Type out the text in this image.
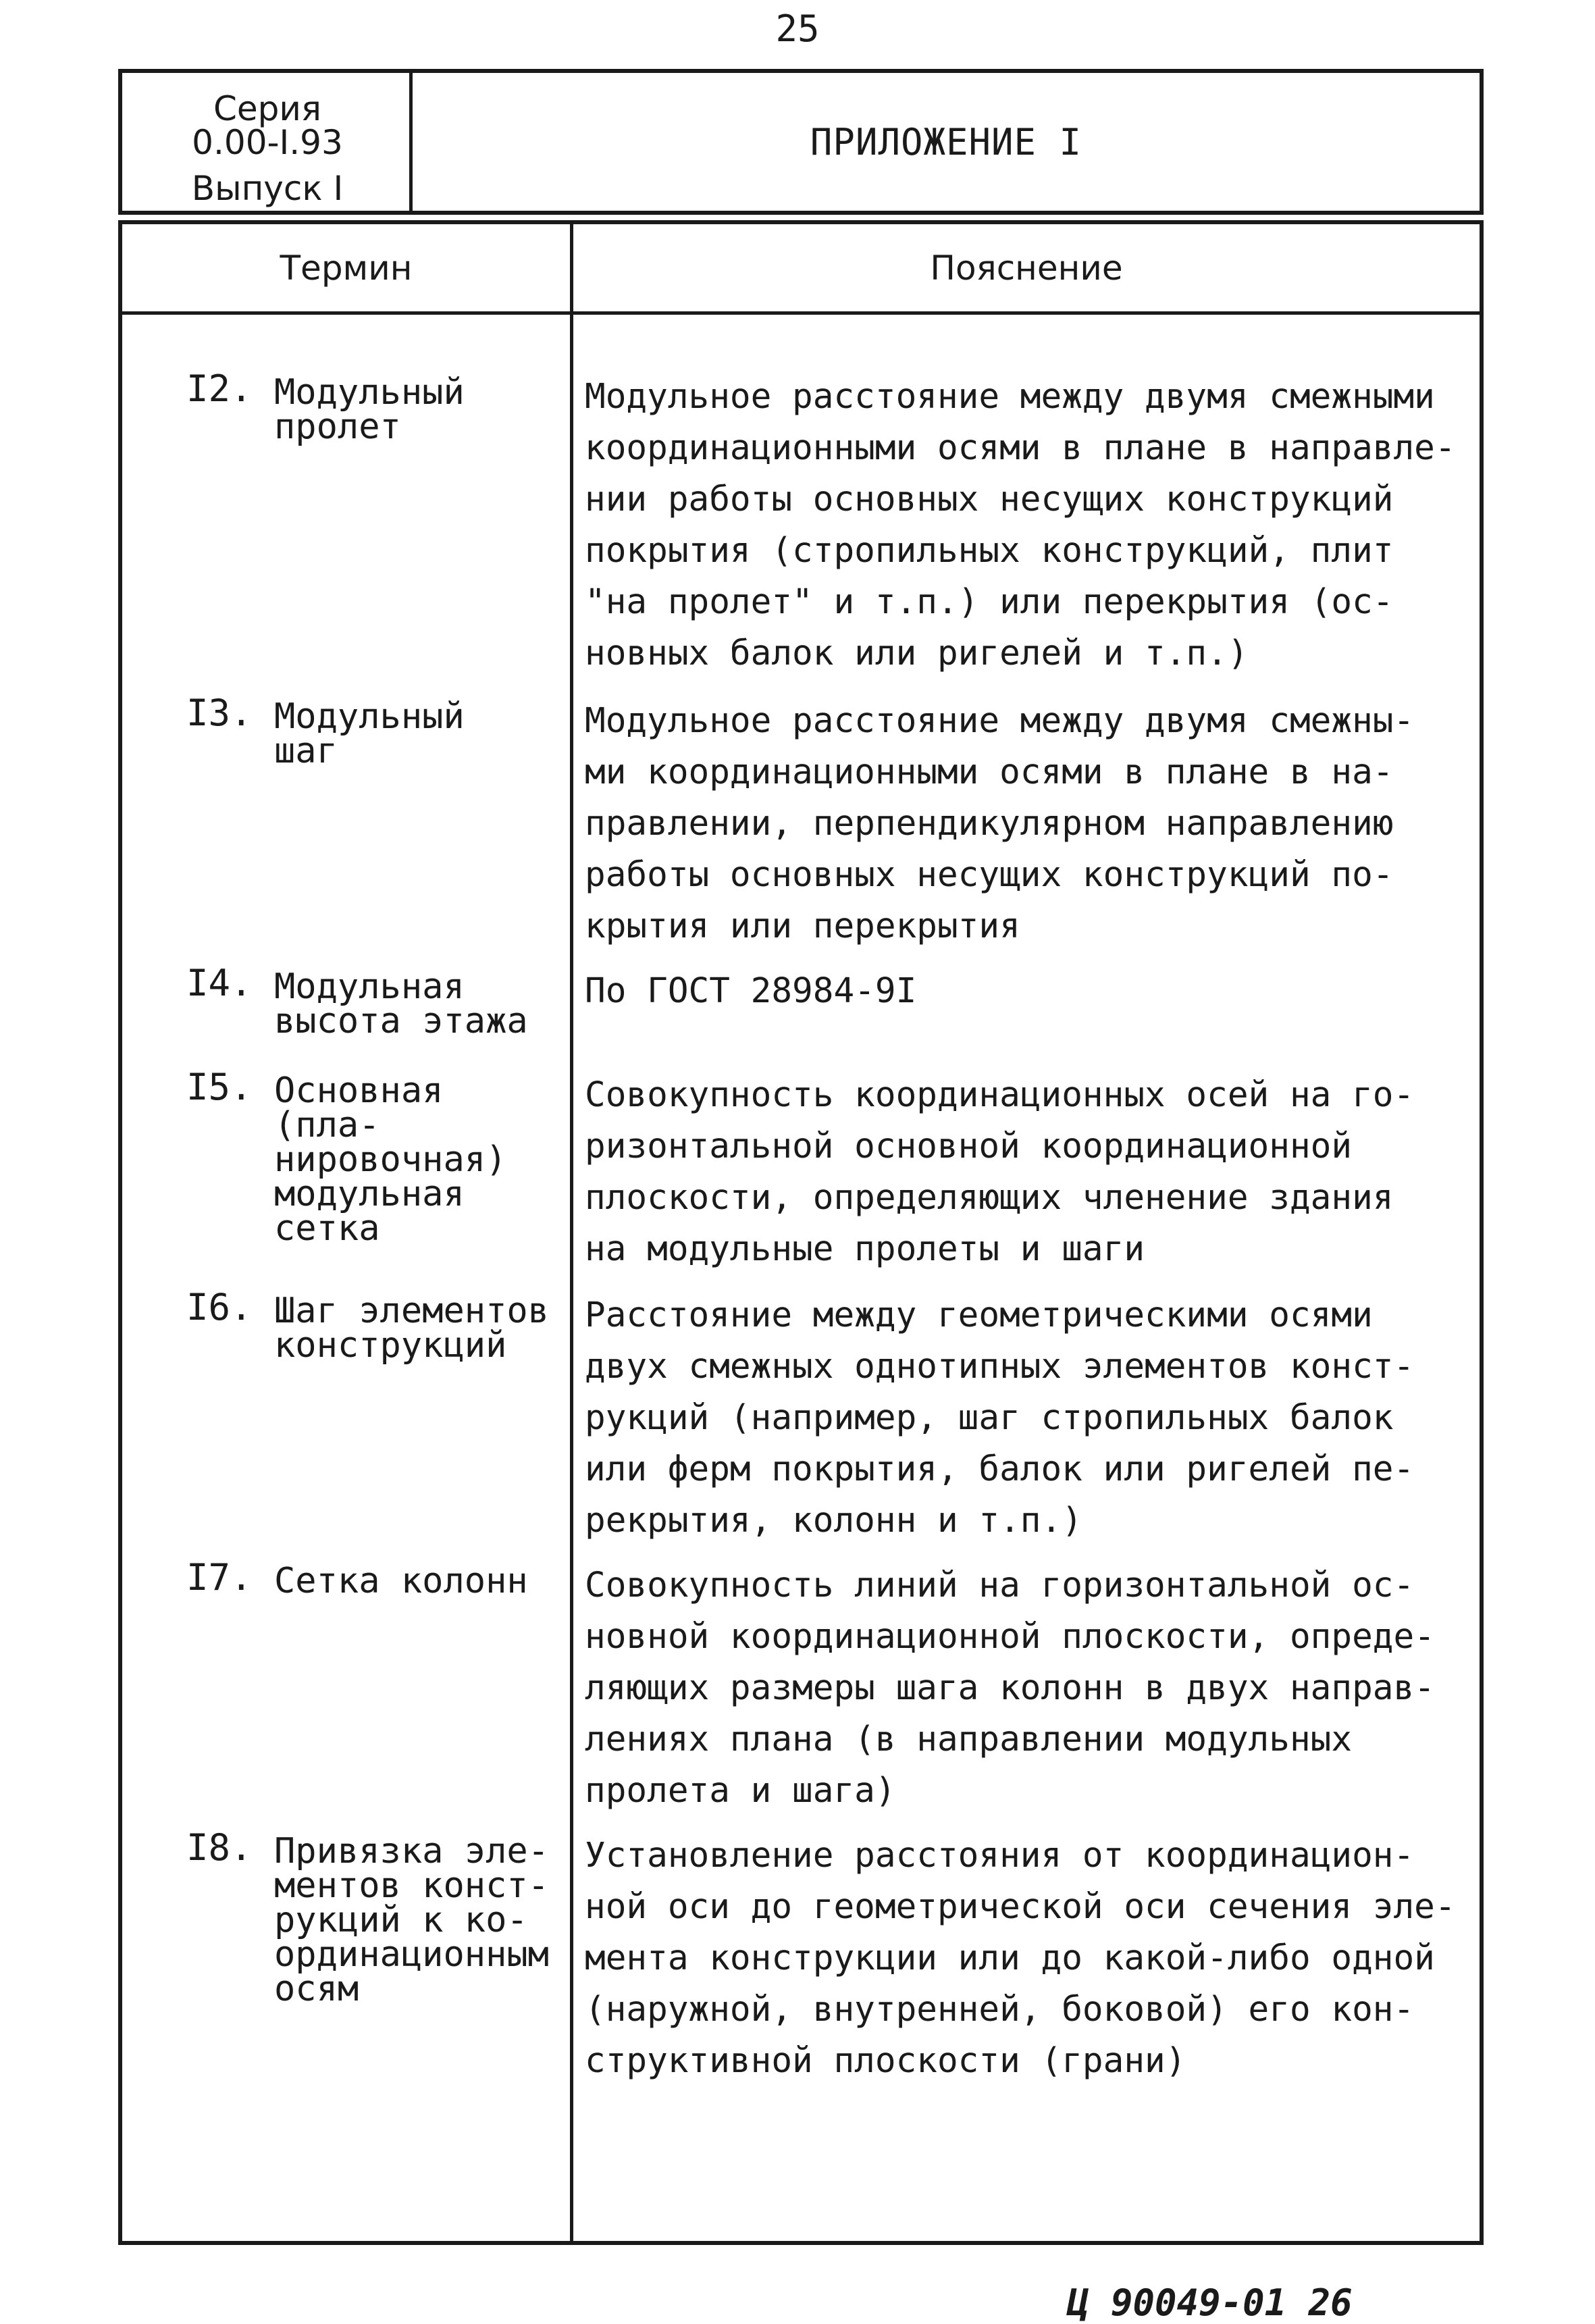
25
Серия
0.00-I.93
Выпуск I
ПРИЛОЖЕНИЕ I
Термин	Пояснение
I2. Модульный
пролет
Модульное расстояние между двумя смежными
координационными осями в плане в направле-
нии работы основных несущих конструкций
покрытия (стропильных конструкций, плит
"на пролет" и т.п.) или перекрытия (ос-
новных балок или ригелей и т.п.)
I3. Модульный
шаг
Модульное расстояние между двумя смежны-
ми координационными осями в плане в на-
правлении, перпендикулярном направлению
работы основных несущих конструкций по-
крытия или перекрытия
I4. Модульная
высота этажа
По ГОСТ 28984-9I
I5. Основная (пла-
нировочная)
модульная
сетка
Совокупность координационных осей на го-
ризонтальной основной координационной
плоскости, определяющих членение здания
на модульные пролеты и шаги
I6. Шаг элементов
конструкций
Расстояние между геометрическими осями
двух смежных однотипных элементов конст-
рукций (например, шаг стропильных балок
или ферм покрытия, балок или ригелей пе-
рекрытия, колонн и т.п.)
I7. Сетка колонн	Совокупность линий на горизонтальной ос-
новной координационной плоскости, опреде-
ляющих размеры шага колонн в двух направ-
лениях плана (в направлении модульных
пролета и шага)
I8. Привязка эле-
ментов конст-
рукций к ко-
ординационным
осям
Установление расстояния от координацион-
ной оси до геометрической оси сечения эле-
мента конструкции или до какой-либо одной
(наружной, внутренней, боковой) его кон-
структивной плоскости (грани)
Ц 90049-01 26
